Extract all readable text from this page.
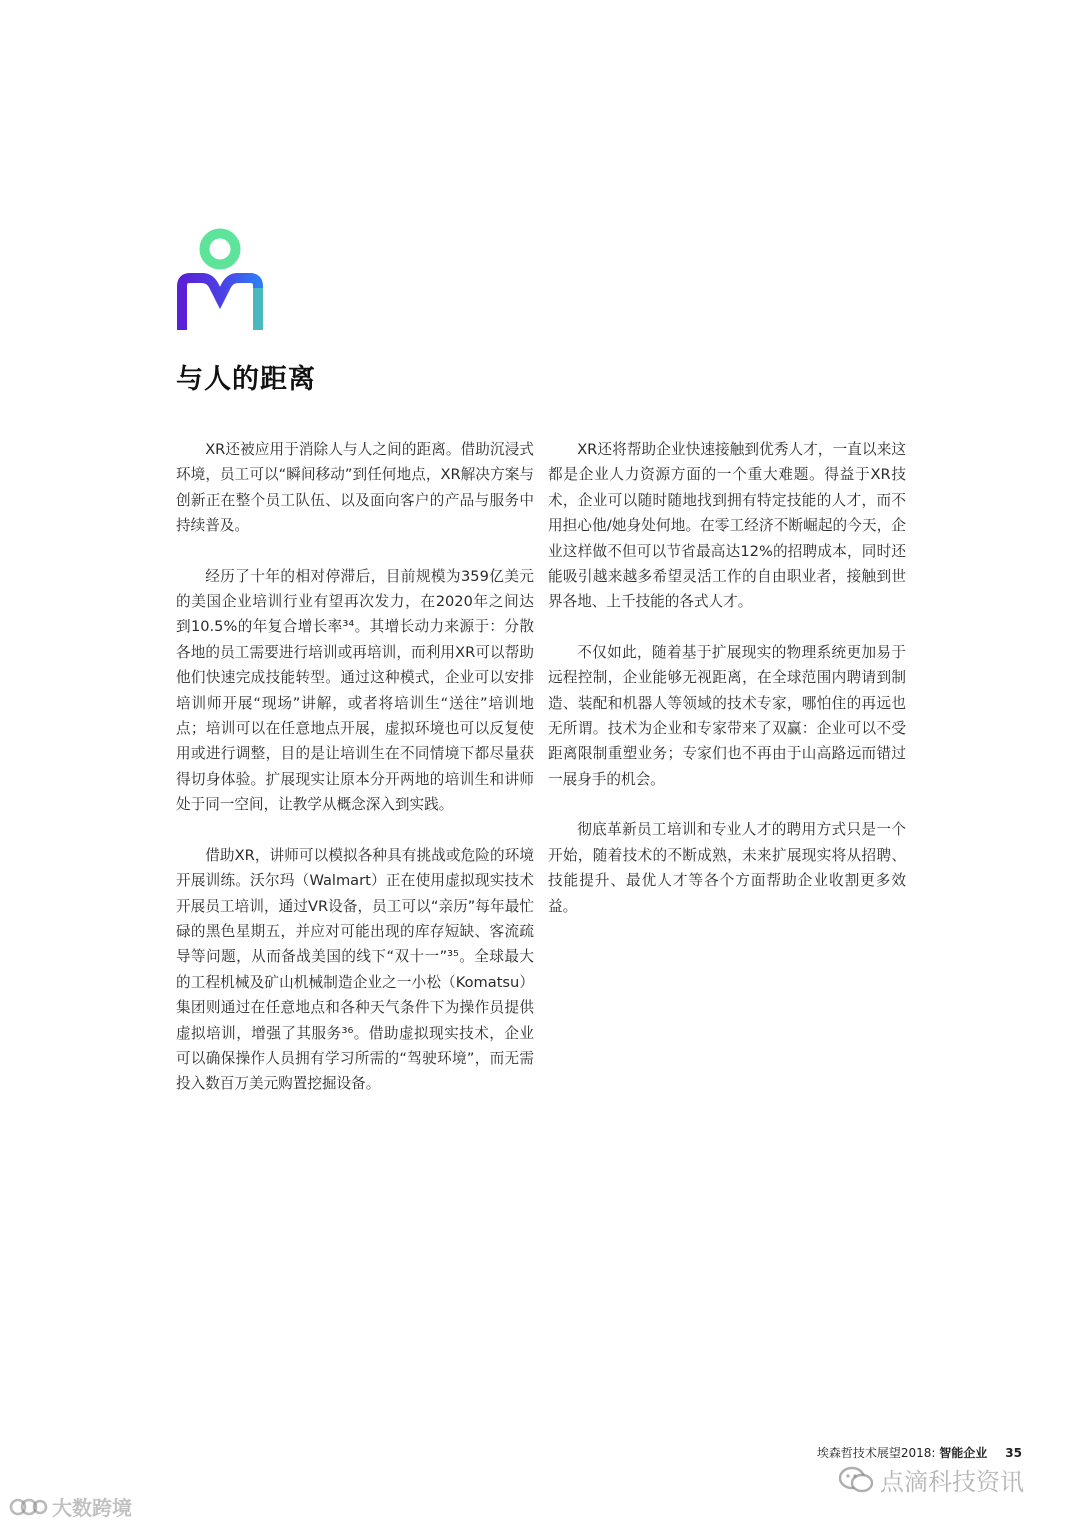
与人的距离

XR还被应用于消除人与人之间的距离。借助沉浸式环境，员工可以“瞬间移动”到任何地点，XR解决方案与创新正在整个员工队伍、以及面向客户的产品与服务中持续普及。

经历了十年的相对停滞后，目前规模为359亿美元的美国企业培训行业有望再次发力，在2020年之间达到10.5%的年复合增长率³⁴。其增长动力来源于：分散各地的员工需要进行培训或再培训，而利用XR可以帮助他们快速完成技能转型。通过这种模式，企业可以安排培训师开展“现场”讲解，或者将培训生“送往”培训地点；培训可以在任意地点开展，虚拟环境也可以反复使用或进行调整，目的是让培训生在不同情境下都尽量获得切身体验。扩展现实让原本分开两地的培训生和讲师处于同一空间，让教学从概念深入到实践。

借助XR，讲师可以模拟各种具有挑战或危险的环境开展训练。沃尔玛（Walmart）正在使用虚拟现实技术开展员工培训，通过VR设备，员工可以“亲历”每年最忙碌的黑色星期五，并应对可能出现的库存短缺、客流疏导等问题，从而备战美国的线下“双十一”³⁵。全球最大的工程机械及矿山机械制造企业之一小松（Komatsu）集团则通过在任意地点和各种天气条件下为操作员提供虚拟培训，增强了其服务³⁶。借助虚拟现实技术，企业可以确保操作人员拥有学习所需的“驾驶环境”，而无需投入数百万美元购置挖掘设备。

XR还将帮助企业快速接触到优秀人才，一直以来这都是企业人力资源方面的一个重大难题。得益于XR技术，企业可以随时随地找到拥有特定技能的人才，而不用担心他/她身处何地。在零工经济不断崛起的今天，企业这样做不但可以节省最高达12%的招聘成本，同时还能吸引越来越多希望灵活工作的自由职业者，接触到世界各地、上千技能的各式人才。

不仅如此，随着基于扩展现实的物理系统更加易于远程控制，企业能够无视距离，在全球范围内聘请到制造、装配和机器人等领域的技术专家，哪怕住的再远也无所谓。技术为企业和专家带来了双赢：企业可以不受距离限制重塑业务；专家们也不再由于山高路远而错过一展身手的机会。

彻底革新员工培训和专业人才的聘用方式只是一个开始，随着技术的不断成熟，未来扩展现实将从招聘、技能提升、最优人才等各个方面帮助企业收割更多效益。

埃森哲技术展望2018: 智能企业 35
点滴科技资讯
大数跨境
